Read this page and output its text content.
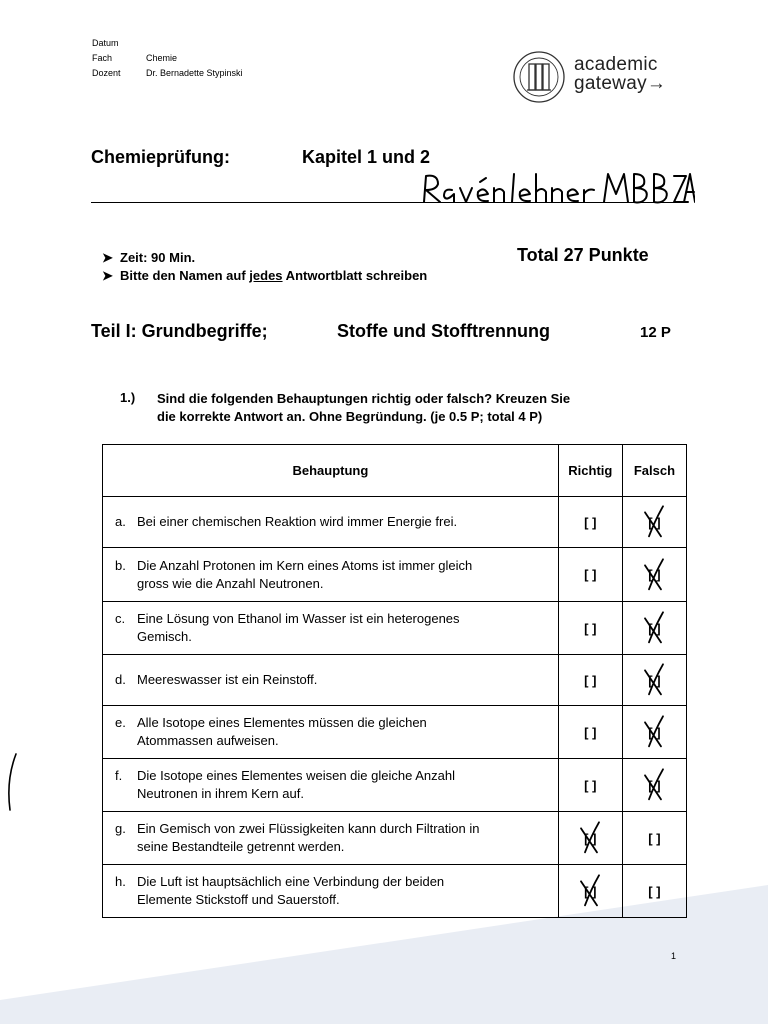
Datum
Fach	Chemie
Dozent	Dr. Bernadette Stypinski	academic
gateway→
Chemieprüfung:	Kapitel 1 und 2
➤ Zeit: 90 Min.
➤ Bitte den Namen auf jedes Antwortblatt schreiben
Total 27 Punkte
Teil I: Grundbegriffe;	Stoffe und Stofftrennung	12 P
1.) Sind die folgenden Behauptungen richtig oder falsch? Kreuzen Sie
die korrekte Antwort an. Ohne Begründung. (je 0.5 P; total 4 P)
Behauptung	Richtig	Falsch

a. Bei einer chemischen Reaktion wird immer Energie frei.	[ ]	[ ]

b. Die Anzahl Protonen im Kern eines Atoms ist immer gleich
gross wie die Anzahl Neutronen.	[ ]	[ ]

c. Eine Lösung von Ethanol im Wasser ist ein heterogenes
Gemisch.	[ ]	[ ]

d. Meereswasser ist ein Reinstoff.	[ ]	[ ]

e. Alle Isotope eines Elementes müssen die gleichen
Atommassen aufweisen.	[ ]	[ ]

f. Die Isotope eines Elementes weisen die gleiche Anzahl
Neutronen in ihrem Kern auf.	[ ]	[ ]

g. Ein Gemisch von zwei Flüssigkeiten kann durch Filtration in
seine Bestandteile getrennt werden.	[ ]	[ ]

h. Die Luft ist hauptsächlich eine Verbindung der beiden
Elemente Stickstoff und Sauerstoff.	[ ]	[ ]
1
